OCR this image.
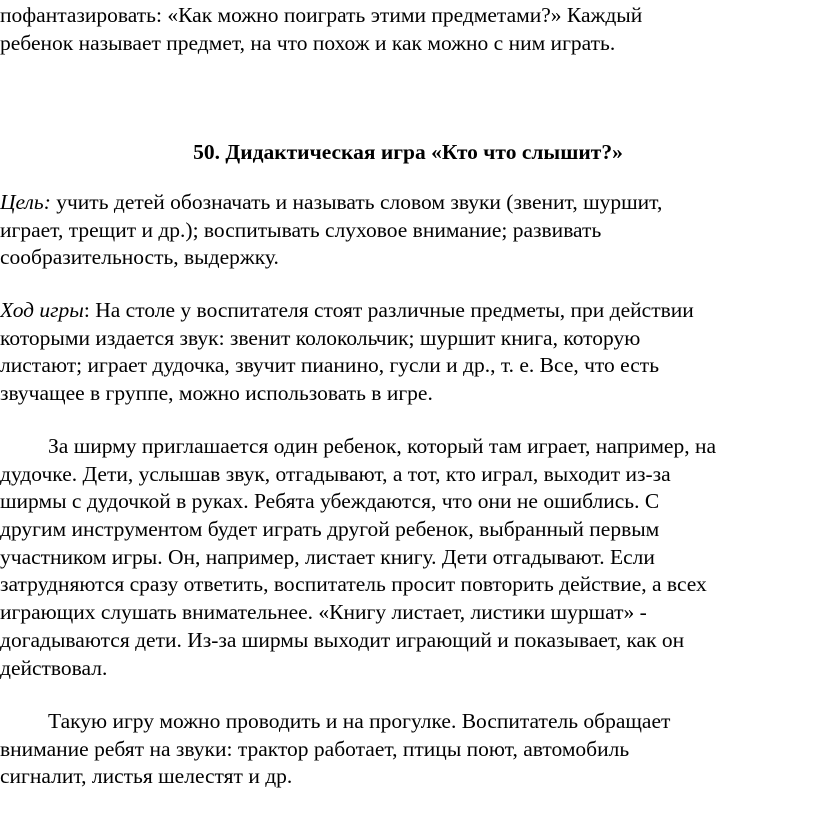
пофантазировать: «Как можно поиграть этими предметами?» Каждый
ребенок называет предмет, на что похож и как можно с ним играть.
50. Дидактическая игра «Кто что слышит?»
Цель: учить детей обозначать и называть словом звуки (звенит, шуршит,
играет, трещит и др.); воспитывать слуховое внимание; развивать
сообразительность, выдержку.
Ход игры: На столе у воспитателя стоят различные предметы, при действии
которыми издается звук: звенит колокольчик; шуршит книга, которую
листают; играет дудочка, звучит пианино, гусли и др., т. е. Все, что есть
звучащее в группе, можно использовать в игре.
За ширму приглашается один ребенок, который там играет, например, на
дудочке. Дети, услышав звук, отгадывают, а тот, кто играл, выходит из-за
ширмы с дудочкой в руках. Ребята убеждаются, что они не ошиблись. С
другим инструментом будет играть другой ребенок, выбранный первым
участником игры. Он, например, листает книгу. Дети отгадывают. Если
затрудняются сразу ответить, воспитатель просит повторить действие, а всех
играющих слушать внимательнее. «Книгу листает, листики шуршат» -
догадываются дети. Из-за ширмы выходит играющий и показывает, как он
действовал.
Такую игру можно проводить и на прогулке. Воспитатель обращает
внимание ребят на звуки: трактор работает, птицы поют, автомобиль
сигналит, листья шелестят и др.
